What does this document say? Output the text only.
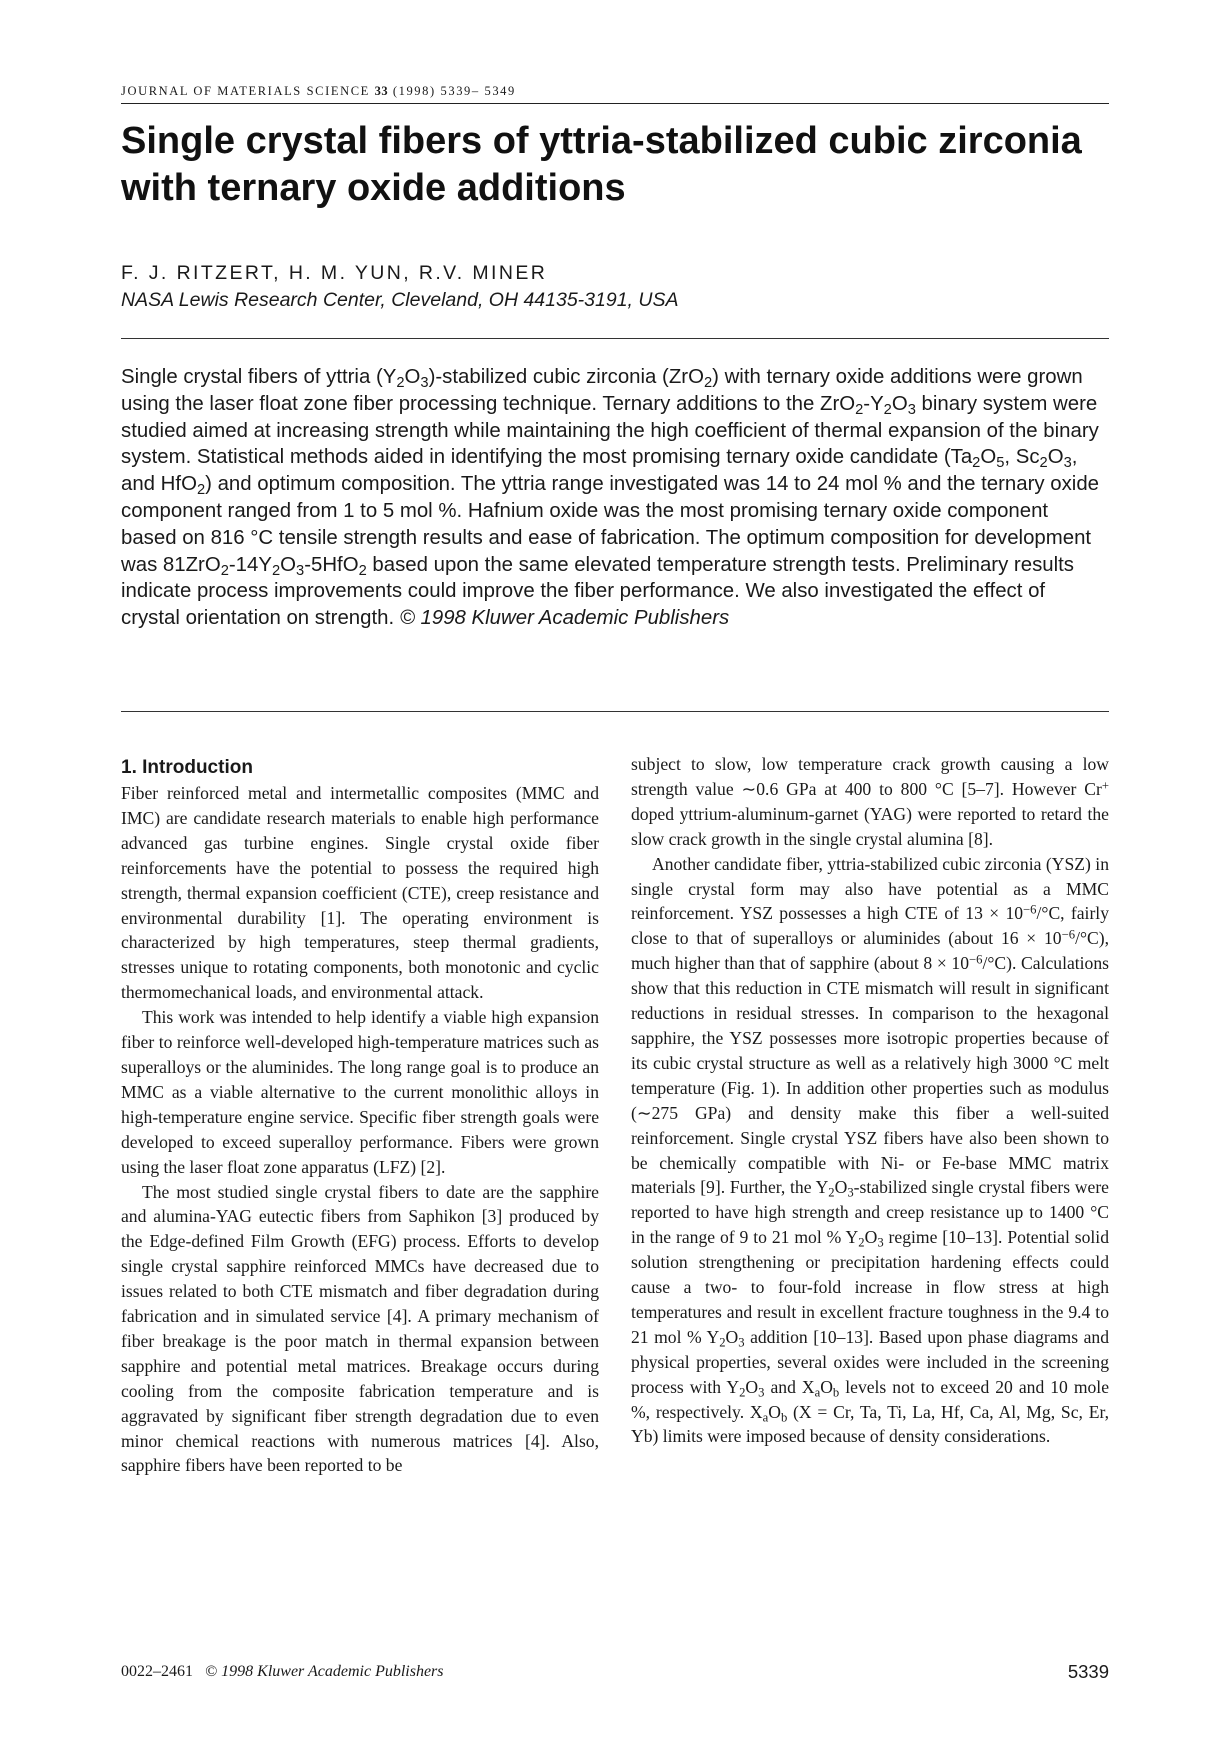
JOURNAL OF MATERIALS SCIENCE 33 (1998) 5339– 5349
Single crystal fibers of yttria-stabilized cubic zirconia with ternary oxide additions
F. J. RITZERT, H. M. YUN, R.V. MINER
NASA Lewis Research Center, Cleveland, OH 44135-3191, USA

Single crystal fibers of yttria $(Y_2O_3)$-stabilized cubic zirconia (ZrO$_2$) with ternary oxide additions were grown using the laser float zone fiber processing technique. Ternary additions to the $ZrO_2-Y_2O_3$ binary system were studied aimed at increasing strength while maintaining the high coefficient of thermal expansion of the binary system. Statistical methods aided in identifying the most promising ternary oxide candidate ($Ta_2O_5$, $Sc_2O_3$, and HfO$_2$) and optimum composition. The yttria range investigated was 14 to 24 mol % and the ternary oxide component ranged from 1 to 5 mol %. Hafnium oxide was the most promising ternary oxide component based on 816 °C tensile strength results and ease of fabrication. The optimum composition for development was $81ZrO_2-14Y_2O_3-5HfO_2$ based upon the same elevated temperature strength tests. Preliminary results indicate process improvements could improve the fiber performance. We also investigated the effect of crystal orientation on strength. © 1998 Kluwer Academic Publishers

1. Introduction

Fiber reinforced metal and intermetallic composites (MMC and IMC) are candidate research materials to enable high performance advanced gas turbine engines. Single crystal oxide fiber reinforcements have the potential to possess the required high strength, thermal expansion coefficient (CTE), creep resistance and environmental durability [1]. The operating environment is characterized by high temperatures, steep thermal gradients, stresses unique to rotating components, both monotonic and cyclic thermomechanical loads, and environmental attack.

This work was intended to help identify a viable high expansion fiber to reinforce well-developed high-temperature matrices such as superalloys or the aluminides. The long range goal is to produce an MMC as a viable alternative to the current monolithic alloys in high-temperature engine service. Specific fiber strength goals were developed to exceed superalloy performance. Fibers were grown using the laser float zone apparatus (LFZ) [2].

The most studied single crystal fibers to date are the sapphire and alumina-YAG eutectic fibers from Saphikon [3] produced by the Edge-defined Film Growth (EFG) process. Efforts to develop single crystal sapphire reinforced MMCs have decreased due to issues related to both CTE mismatch and fiber degradation during fabrication and in simulated service [4]. A primary mechanism of fiber breakage is the poor match in thermal expansion between sapphire and potential metal matrices. Breakage occurs during cooling from the composite fabrication temperature and is aggravated by significant fiber strength degradation due to even minor chemical reactions with numerous matrices [4]. Also, sapphire fibers have been reported to be

subject to slow, low temperature crack growth causing a low strength value ∼0.6 GPa at 400 to 800 °C [5–7]. However Cr+ doped yttrium-aluminum-garnet (YAG) were reported to retard the slow crack growth in the single crystal alumina [8].

Another candidate fiber, yttria-stabilized cubic zirconia (YSZ) in single crystal form may also have potential as a MMC reinforcement. YSZ possesses a high CTE of $13 \times 10^{-6}/^\circ C$, fairly close to that of superalloys or aluminides (about $16 \times 10^{-6}/^\circ C$), much higher than that of sapphire (about $8 \times 10^{-6}/^\circ C$). Calculations show that this reduction in CTE mismatch will result in significant reductions in residual stresses. In comparison to the hexagonal sapphire, the YSZ possesses more isotropic properties because of its cubic crystal structure as well as a relatively high 3000 °C melt temperature (Fig. 1). In addition other properties such as modulus (∼275 GPa) and density make this fiber a well-suited reinforcement. Single crystal YSZ fibers have also been shown to be chemically compatible with Ni- or Fe-base MMC matrix materials [9]. Further, the $Y_2O_3$-stabilized single crystal fibers were reported to have high strength and creep resistance up to 1400 °C in the range of 9 to 21 mol % $Y_2O_3$ regime [10–13]. Potential solid solution strengthening or precipitation hardening effects could cause a two- to four-fold increase in flow stress at high temperatures and result in excellent fracture toughness in the 9.4 to 21 mol % $Y_2O_3$ addition [10–13]. Based upon phase diagrams and physical properties, several oxides were included in the screening process with $Y_2O_3$ and $X_aO_b$ levels not to exceed 20 and 10 mole %, respectively. $X_aO_b$ (X = Cr, Ta, Ti, La, Hf, Ca, Al, Mg, Sc, Er, Yb) limits were imposed because of density considerations.

0022–2461 © 1998 Kluwer Academic Publishers	5339
